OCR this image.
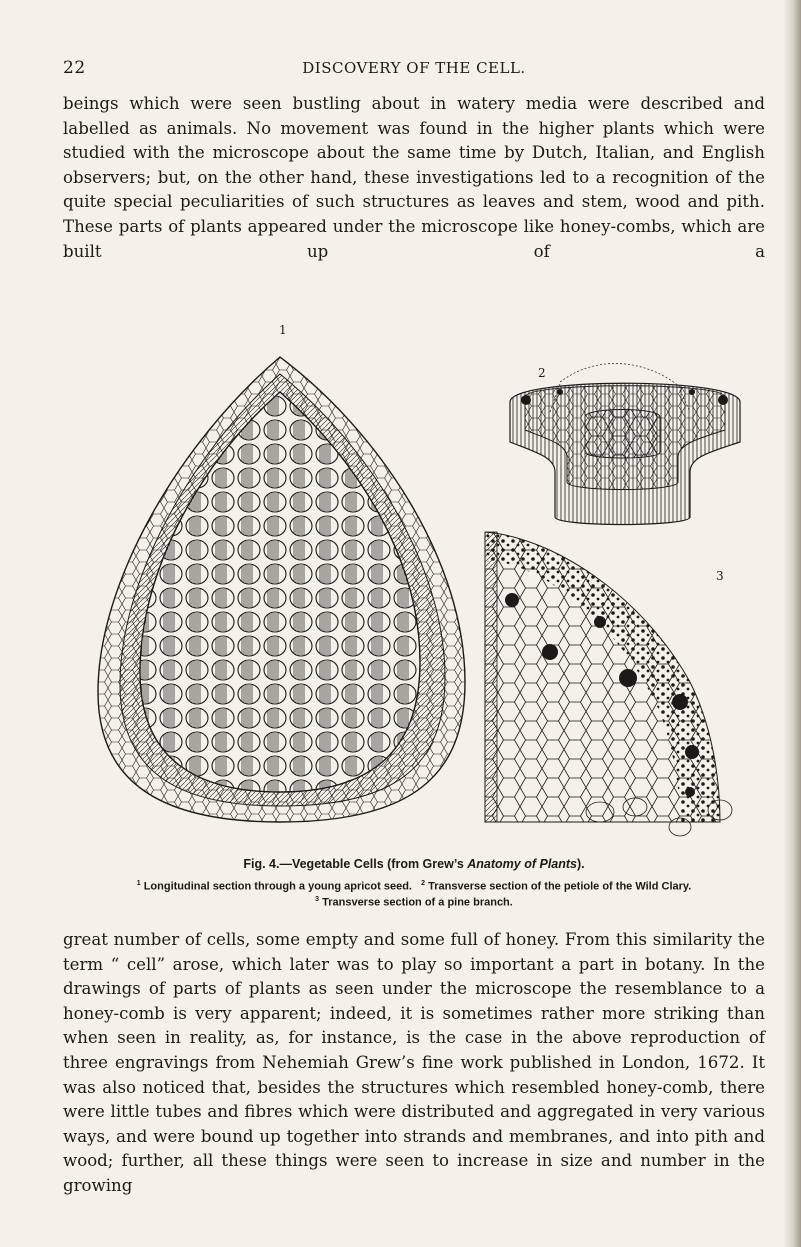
22	DISCOVERY OF THE CELL.

beings which were seen bustling about in watery media were described and labelled as animals. No movement was found in the higher plants which were studied with the microscope about the same time by Dutch, Italian, and English observers; but, on the other hand, these investigations led to a recognition of the quite special peculiarities of such structures as leaves and stem, wood and pith. These parts of plants appeared under the microscope like honey-combs, which are built up of a

1
2
3
Fig. 4.—Vegetable Cells (from Grew’s Anatomy of Plants).
$^1$ Longitudinal section through a young apricot seed. $^2$ Transverse section of the petiole of the Wild Clary.
$^3$ Transverse section of a pine branch.

great number of cells, some empty and some full of honey. From this similarity the term “ cell” arose, which later was to play so important a part in botany. In the drawings of parts of plants as seen under the microscope the resemblance to a honey-comb is very apparent; indeed, it is sometimes rather more striking than when seen in reality, as, for instance, is the case in the above reproduction of three engravings from Nehemiah Grew’s fine work published in London, 1672. It was also noticed that, besides the structures which resembled honey-comb, there were little tubes and fibres which were distributed and aggregated in very various ways, and were bound up together into strands and membranes, and into pith and wood; further, all these things were seen to increase in size and number in the growing
